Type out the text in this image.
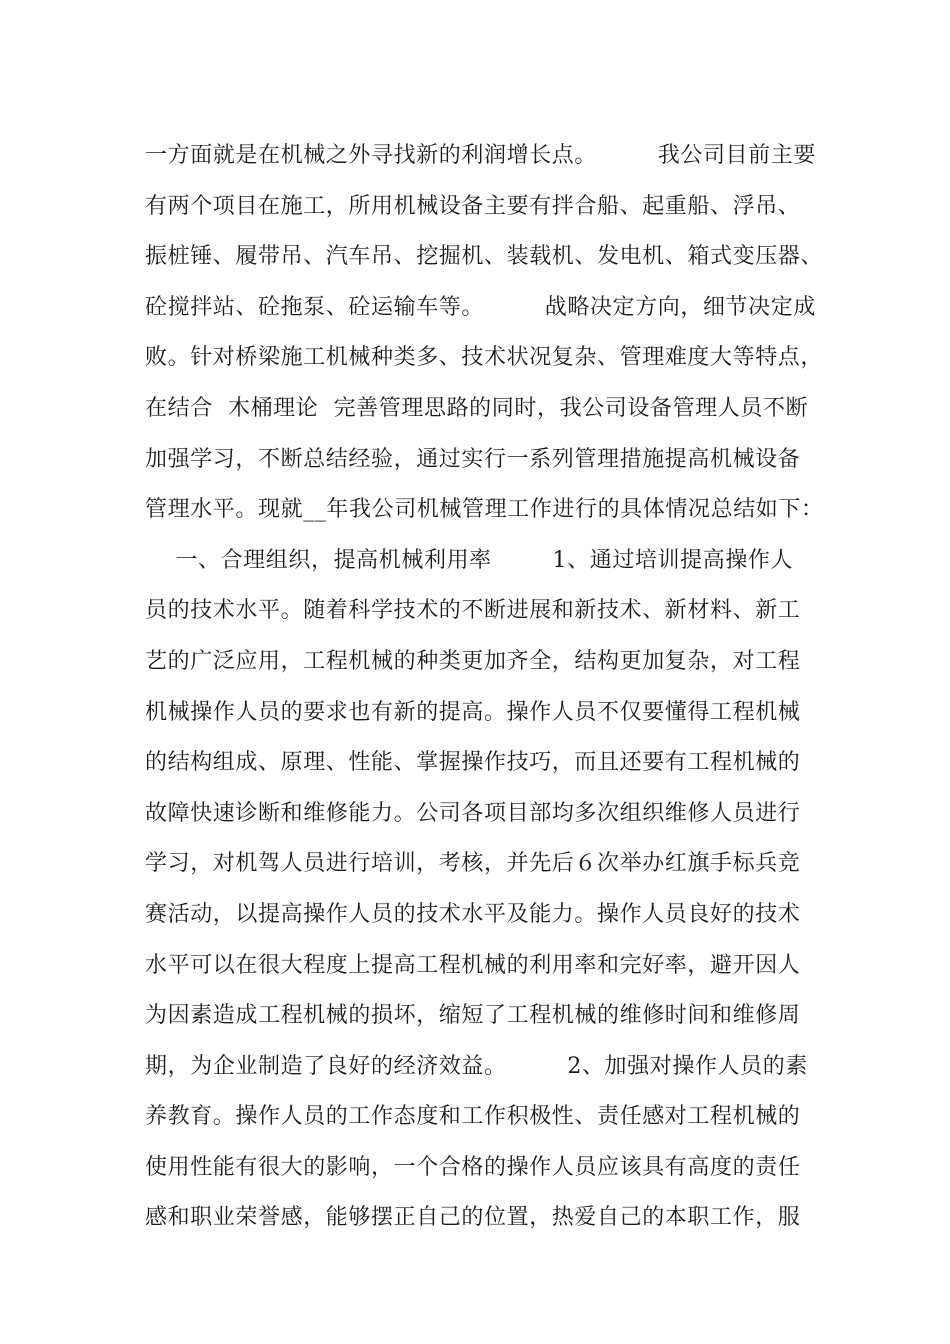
一方面就是在机械之外寻找新的利润增长点。        我公司目前主要
有两个项目在施工，所用机械设备主要有拌合船、起重船、浮吊、
振桩锤、履带吊、汽车吊、挖掘机、装载机、发电机、箱式变压器、
砼搅拌站、砼拖泵、砼运输车等。        战略决定方向，细节决定成
败。针对桥梁施工机械种类多、技术状况复杂、管理难度大等特点，
在结合  木桶理论  完善管理思路的同时，我公司设备管理人员不断
加强学习，不断总结经验，通过实行一系列管理措施提高机械设备
管理水平。现就__年我公司机械管理工作进行的具体情况总结如下：
一、合理组织，提高机械利用率        1、通过培训提高操作人
员的技术水平。随着科学技术的不断进展和新技术、新材料、新工
艺的广泛应用，工程机械的种类更加齐全，结构更加复杂，对工程
机械操作人员的要求也有新的提高。操作人员不仅要懂得工程机械
的结构组成、原理、性能、掌握操作技巧，而且还要有工程机械的
故障快速诊断和维修能力。公司各项目部均多次组织维修人员进行
学习，对机驾人员进行培训，考核，并先后６次举办红旗手标兵竞
赛活动，以提高操作人员的技术水平及能力。操作人员良好的技术
水平可以在很大程度上提高工程机械的利用率和完好率，避开因人
为因素造成工程机械的损坏，缩短了工程机械的维修时间和维修周
期，为企业制造了良好的经济效益。        2、加强对操作人员的素
养教育。操作人员的工作态度和工作积极性、责任感对工程机械的
使用性能有很大的影响，一个合格的操作人员应该具有高度的责任
感和职业荣誉感，能够摆正自己的位置，热爱自己的本职工作，服
